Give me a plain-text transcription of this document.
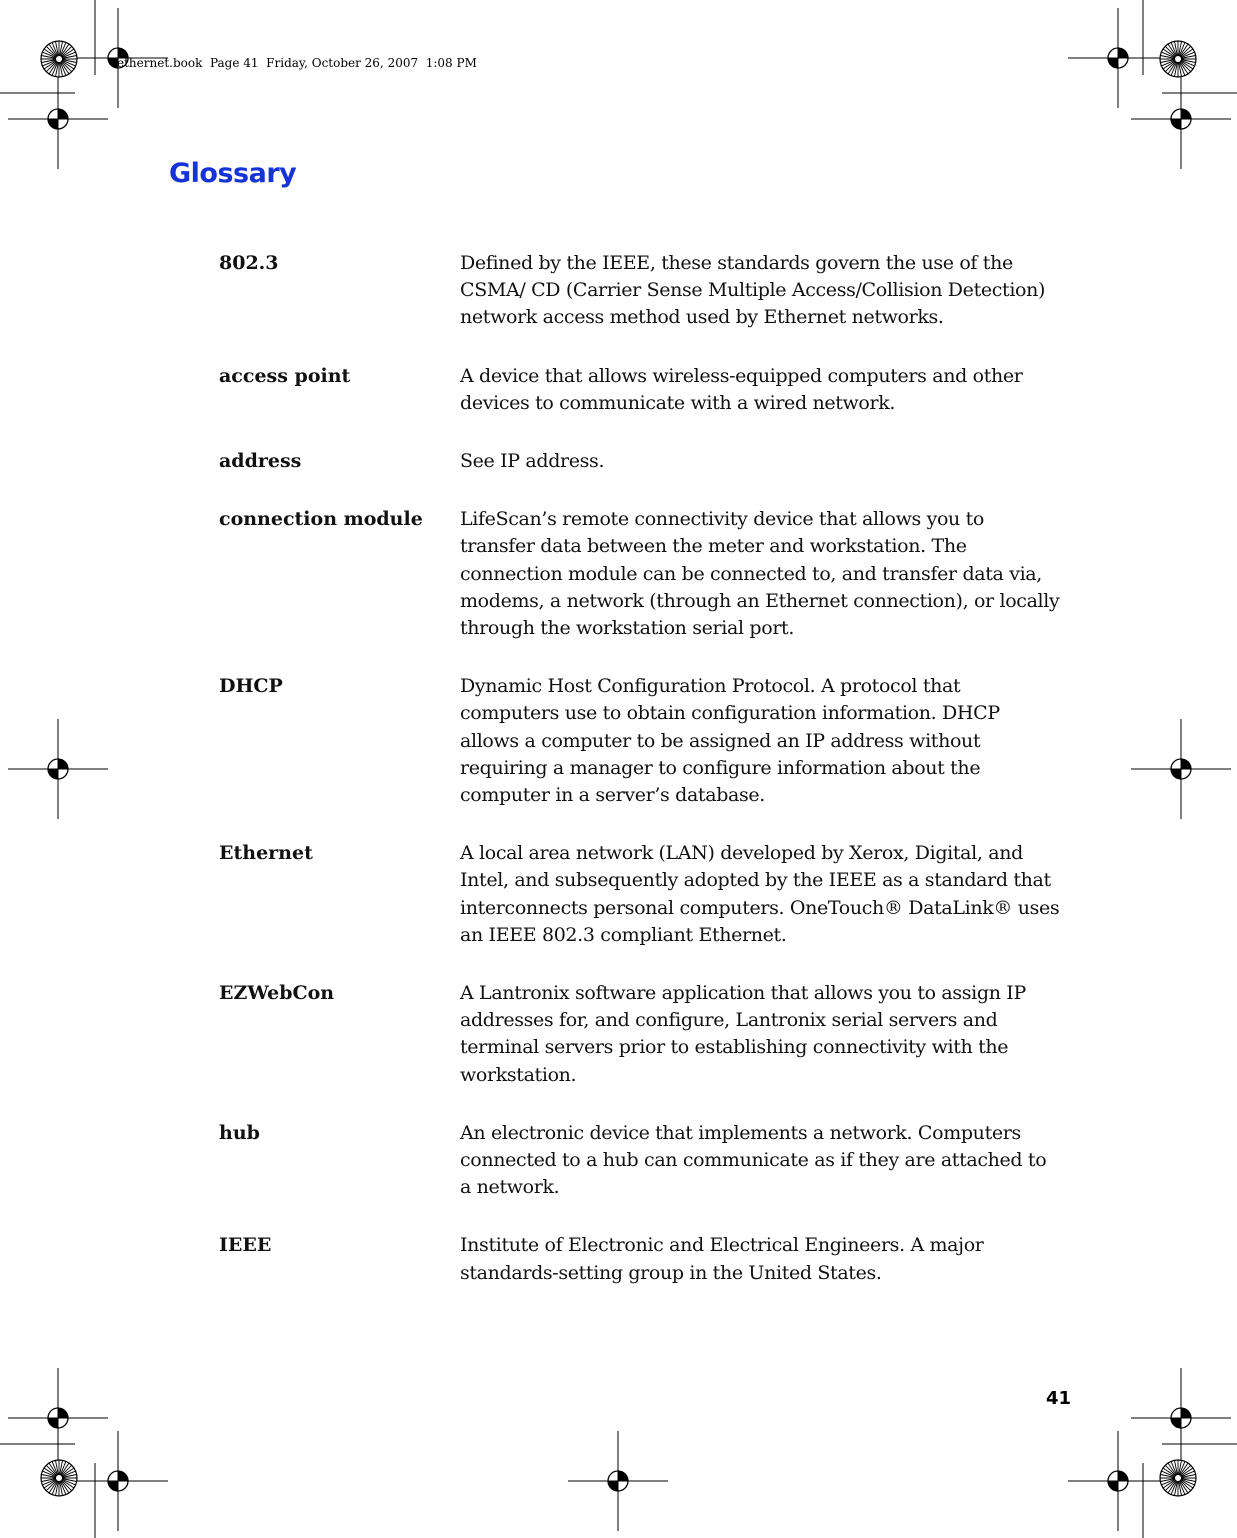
ethernet.book  Page 41  Friday, October 26, 2007  1:08 PM
Glossary
802.3	Defined by the IEEE, these standards govern the use of the CSMA/ CD (Carrier Sense Multiple Access/Collision Detection) network access method used by Ethernet networks.
access point	A device that allows wireless-equipped computers and other devices to communicate with a wired network.
address	See IP address.
connection module	LifeScan’s remote connectivity device that allows you to transfer data between the meter and workstation. The connection module can be connected to, and transfer data via, modems, a network (through an Ethernet connection), or locally through the workstation serial port.
DHCP	Dynamic Host Configuration Protocol. A protocol that computers use to obtain configuration information. DHCP allows a computer to be assigned an IP address without requiring a manager to configure information about the computer in a server’s database.
Ethernet	A local area network (LAN) developed by Xerox, Digital, and Intel, and subsequently adopted by the IEEE as a standard that interconnects personal computers. OneTouch® DataLink® uses an IEEE 802.3 compliant Ethernet.
EZWebCon	A Lantronix software application that allows you to assign IP addresses for, and configure, Lantronix serial servers and terminal servers prior to establishing connectivity with the workstation.
hub	An electronic device that implements a network. Computers connected to a hub can communicate as if they are attached to a network.
IEEE	Institute of Electronic and Electrical Engineers. A major standards-setting group in the United States.
41
